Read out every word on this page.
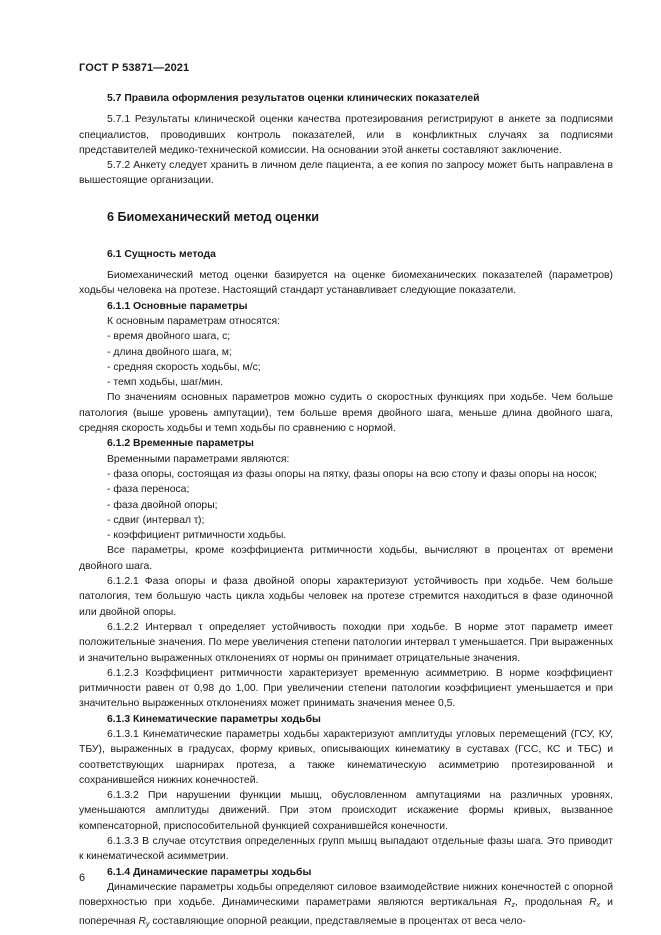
ГОСТ Р 53871—2021

5.7 Правила оформления результатов оценки клинических показателей

5.7.1 Результаты клинической оценки качества протезирования регистрируют в анкете за подписями специалистов, проводивших контроль показателей, или в конфликтных случаях за подписями представителей медико-технической комиссии. На основании этой анкеты составляют заключение.

5.7.2 Анкету следует хранить в личном деле пациента, а ее копия по запросу может быть направлена в вышестоящие организации.

6 Биомеханический метод оценки

6.1 Сущность метода

Биомеханический метод оценки базируется на оценке биомеханических показателей (параметров) ходьбы человека на протезе. Настоящий стандарт устанавливает следующие показатели.

6.1.1 Основные параметры

К основным параметрам относятся:

- время двойного шага, с;

- длина двойного шага, м;

- средняя скорость ходьбы, м/с;

- темп ходьбы, шаг/мин.

По значениям основных параметров можно судить о скоростных функциях при ходьбе. Чем больше патология (выше уровень ампутации), тем больше время двойного шага, меньше длина двойного шага, средняя скорость ходьбы и темп ходьбы по сравнению с нормой.

6.1.2 Временные параметры

Временными параметрами являются:

- фаза опоры, состоящая из фазы опоры на пятку, фазы опоры на всю стопу и фазы опоры на носок;

- фаза переноса;

- фаза двойной опоры;

- сдвиг (интервал τ);

- коэффициент ритмичности ходьбы.

Все параметры, кроме коэффициента ритмичности ходьбы, вычисляют в процентах от времени двойного шага.

6.1.2.1 Фаза опоры и фаза двойной опоры характеризуют устойчивость при ходьбе. Чем больше патология, тем большую часть цикла ходьбы человек на протезе стремится находиться в фазе одиночной или двойной опоры.

6.1.2.2 Интервал τ определяет устойчивость походки при ходьбе. В норме этот параметр имеет положительные значения. По мере увеличения степени патологии интервал τ уменьшается. При выраженных и значительно выраженных отклонениях от нормы он принимает отрицательные значения.

6.1.2.3 Коэффициент ритмичности характеризует временную асимметрию. В норме коэффициент ритмичности равен от 0,98 до 1,00. При увеличении степени патологии коэффициент уменьшается и при значительно выраженных отклонениях может принимать значения менее 0,5.

6.1.3 Кинематические параметры ходьбы

6.1.3.1 Кинематические параметры ходьбы характеризуют амплитуды угловых перемещений (ГСУ, КУ, ТБУ), выраженных в градусах, форму кривых, описывающих кинематику в суставах (ГСС, КС и ТБС) и соответствующих шарнирах протеза, а также кинематическую асимметрию протезированной и сохранившейся нижних конечностей.

6.1.3.2 При нарушении функции мышц, обусловленном ампутациями на различных уровнях, уменьшаются амплитуды движений. При этом происходит искажение формы кривых, вызванное компенсаторной, приспособительной функцией сохранившейся конечности.

6.1.3.3 В случае отсутствия определенных групп мышц выпадают отдельные фазы шага. Это приводит к кинематической асимметрии.

6.1.4 Динамические параметры ходьбы

Динамические параметры ходьбы определяют силовое взаимодействие нижних конечностей с опорной поверхностью при ходьбе. Динамическими параметрами являются вертикальная $R_z$, продольная $R_x$ и поперечная $R_y$ составляющие опорной реакции, представляемые в процентах от веса чело-

6
